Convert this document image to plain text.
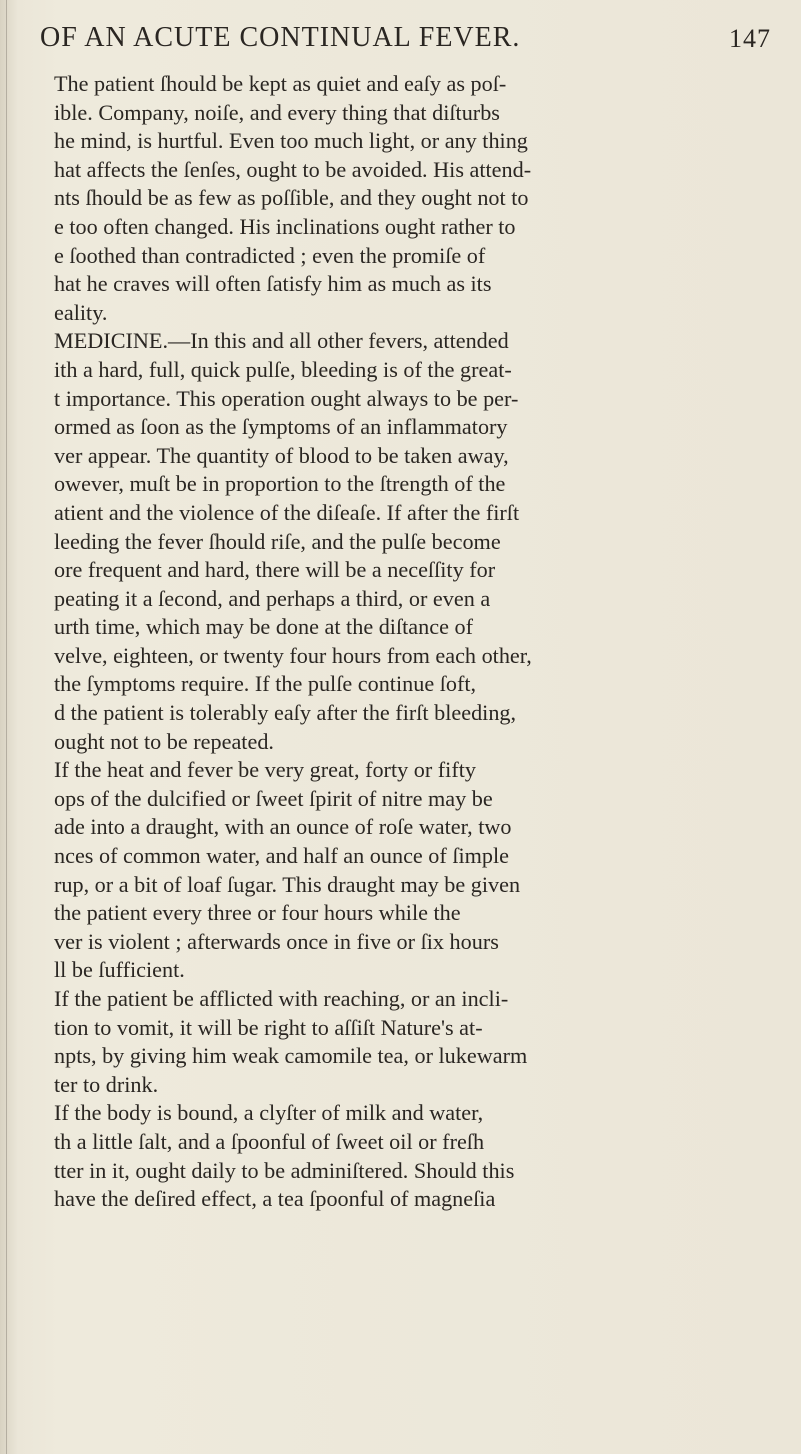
OF AN ACUTE CONTINUAL FEVER.	147
The patient ſhould be kept as quiet and eaſy as poſ-
ible. Company, noiſe, and every thing that diſturbs
he mind, is hurtful. Even too much light, or any thing
hat affects the ſenſes, ought to be avoided. His attend-
nts ſhould be as few as poſſible, and they ought not to
e too often changed. His inclinations ought rather to
e ſoothed than contradicted ; even the promiſe of
hat he craves will often ſatisfy him as much as its
eality.
MEDICINE.—In this and all other fevers, attended
ith a hard, full, quick pulſe, bleeding is of the great-
t importance. This operation ought always to be per-
ormed as ſoon as the ſymptoms of an inflammatory
ver appear. The quantity of blood to be taken away,
owever, muſt be in proportion to the ſtrength of the
atient and the violence of the diſeaſe. If after the firſt
leeding the fever ſhould riſe, and the pulſe become
ore frequent and hard, there will be a neceſſity for
peating it a ſecond, and perhaps a third, or even a
urth time, which may be done at the diſtance of
velve, eighteen, or twenty four hours from each other,
the ſymptoms require. If the pulſe continue ſoft,
d the patient is tolerably eaſy after the firſt bleeding,
ought not to be repeated.
If the heat and fever be very great, forty or fifty
ops of the dulcified or ſweet ſpirit of nitre may be
ade into a draught, with an ounce of roſe water, two
nces of common water, and half an ounce of ſimple
rup, or a bit of loaf ſugar. This draught may be given
the patient every three or four hours while the
ver is violent ; afterwards once in five or ſix hours
ll be ſufficient.
If the patient be afflicted with reaching, or an incli-
tion to vomit, it will be right to aſſiſt Nature's at-
npts, by giving him weak camomile tea, or lukewarm
ter to drink.
If the body is bound, a clyſter of milk and water,
th a little ſalt, and a ſpoonful of ſweet oil or freſh
tter in it, ought daily to be adminiſtered. Should this
have the deſired effect, a tea ſpoonful of magneſia
